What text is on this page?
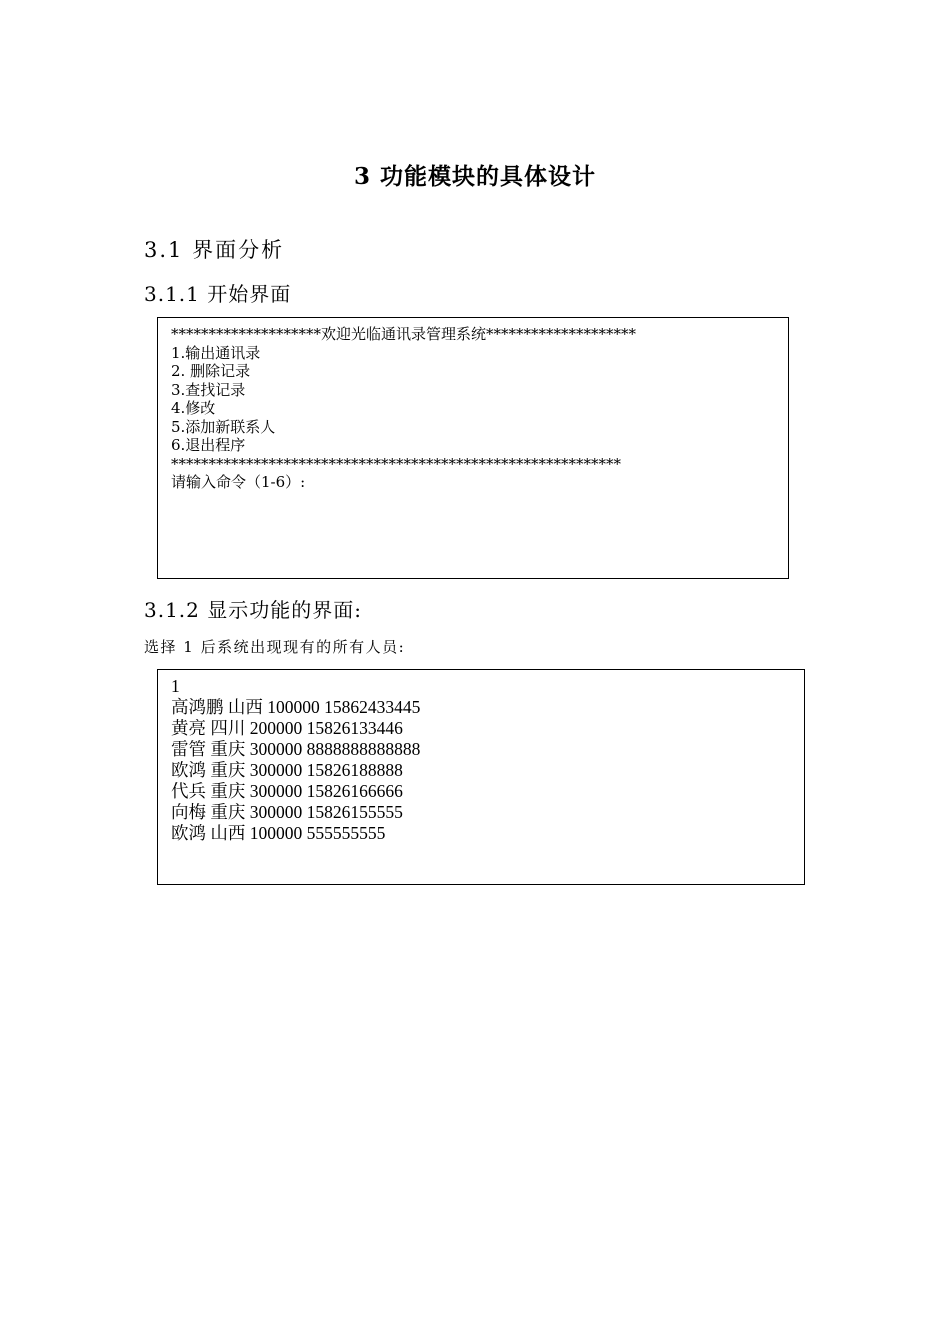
3 功能模块的具体设计
3.1 界面分析
3.1.1 开始界面
********************欢迎光临通讯录管理系统********************
1.输出通讯录
2. 删除记录
3.查找记录
4.修改
5.添加新联系人
6.退出程序
************************************************************
请输入命令（1-6）:
3.1.2 显示功能的界面:
选择 1 后系统出现现有的所有人员:
1
高鸿鹏 山西 100000 15862433445
黄亮 四川 200000 15826133446
雷管 重庆 300000 8888888888888
欧鸿 重庆 300000 15826188888
代兵 重庆 300000 15826166666
向梅 重庆 300000 15826155555
欧鸿 山西 100000 555555555
